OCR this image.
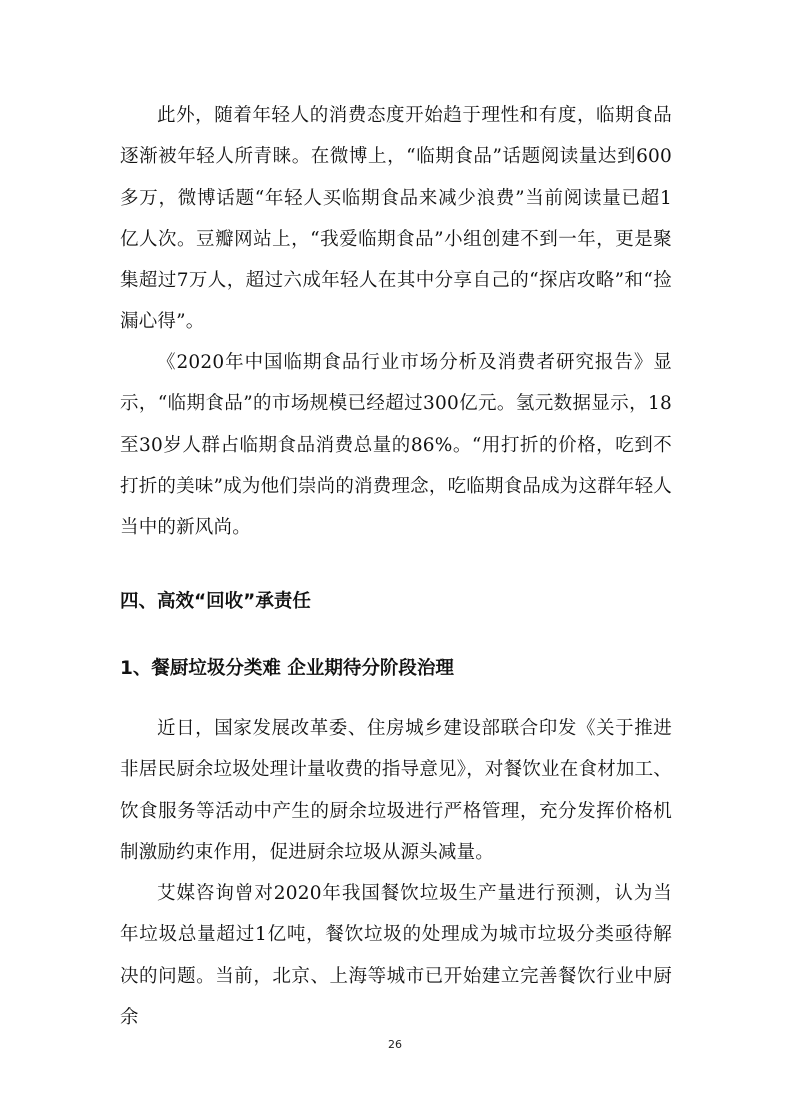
此外，随着年轻人的消费态度开始趋于理性和有度，临期食品逐渐被年轻人所青睐。在微博上，“临期食品”话题阅读量达到600多万，微博话题“年轻人买临期食品来减少浪费”当前阅读量已超1亿人次。豆瓣网站上，“我爱临期食品”小组创建不到一年，更是聚集超过7万人，超过六成年轻人在其中分享自己的“探店攻略”和“捡漏心得”。

《2020年中国临期食品行业市场分析及消费者研究报告》显示，“临期食品”的市场规模已经超过300亿元。氢元数据显示，18至30岁人群占临期食品消费总量的86%。“用打折的价格，吃到不打折的美味”成为他们崇尚的消费理念，吃临期食品成为这群年轻人当中的新风尚。

四、高效“回收”承责任
1、餐厨垃圾分类难 企业期待分阶段治理

近日，国家发展改革委、住房城乡建设部联合印发《关于推进非居民厨余垃圾处理计量收费的指导意见》，对餐饮业在食材加工、饮食服务等活动中产生的厨余垃圾进行严格管理，充分发挥价格机制激励约束作用，促进厨余垃圾从源头减量。

艾媒咨询曾对2020年我国餐饮垃圾生产量进行预测，认为当年垃圾总量超过1亿吨，餐饮垃圾的处理成为城市垃圾分类亟待解决的问题。当前，北京、上海等城市已开始建立完善餐饮行业中厨余

26
